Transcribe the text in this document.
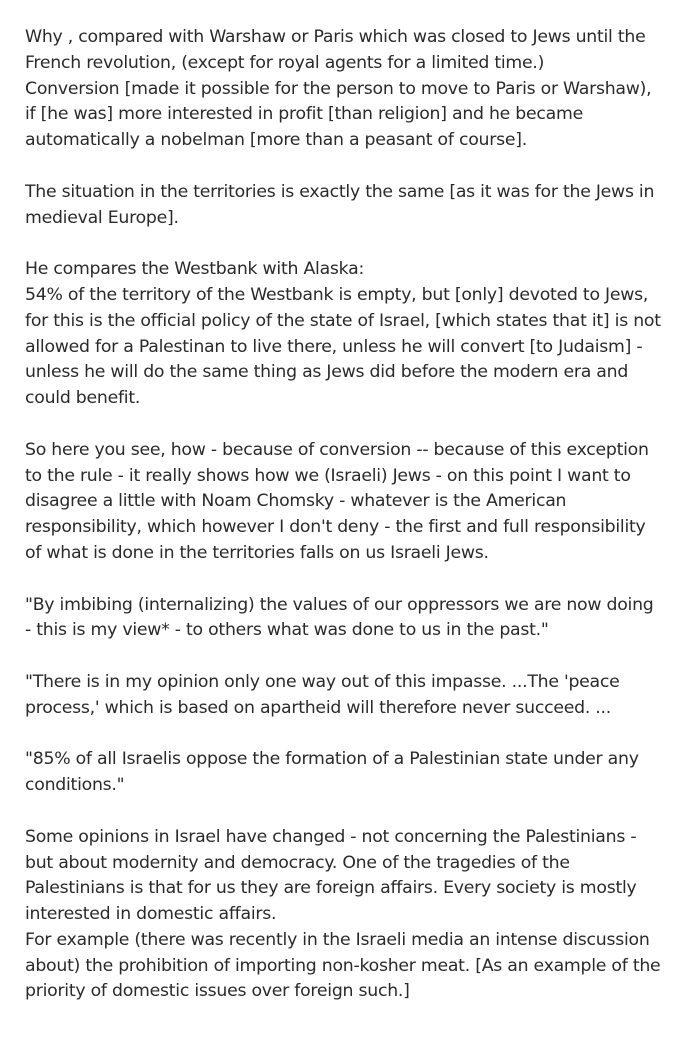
Why , compared with Warshaw or Paris which was closed to Jews until the
French revolution, (except for royal agents for a limited time.)
Conversion [made it possible for the person to move to Paris or Warshaw),
if [he was] more interested in profit [than religion] and he became
automatically a nobelman [more than a peasant of course].

The situation in the territories is exactly the same [as it was for the Jews in
medieval Europe].

He compares the Westbank with Alaska:
54% of the territory of the Westbank is empty, but [only] devoted to Jews,
for this is the official policy of the state of Israel, [which states that it] is not
allowed for a Palestinan to live there, unless he will convert [to Judaism] -
unless he will do the same thing as Jews did before the modern era and
could benefit.

So here you see, how - because of conversion -- because of this exception
to the rule - it really shows how we (Israeli) Jews - on this point I want to
disagree a little with Noam Chomsky - whatever is the American
responsibility, which however I don't deny - the first and full responsibility
of what is done in the territories falls on us Israeli Jews.

"By imbibing (internalizing) the values of our oppressors we are now doing
- this is my view* - to others what was done to us in the past."

"There is in my opinion only one way out of this impasse. ...The 'peace
process,' which is based on apartheid will therefore never succeed. ...

"85% of all Israelis oppose the formation of a Palestinian state under any
conditions."

Some opinions in Israel have changed - not concerning the Palestinians -
but about modernity and democracy. One of the tragedies of the
Palestinians is that for us they are foreign affairs. Every society is mostly
interested in domestic affairs.
For example (there was recently in the Israeli media an intense discussion
about) the prohibition of importing non-kosher meat. [As an example of the
priority of domestic issues over foreign such.]
